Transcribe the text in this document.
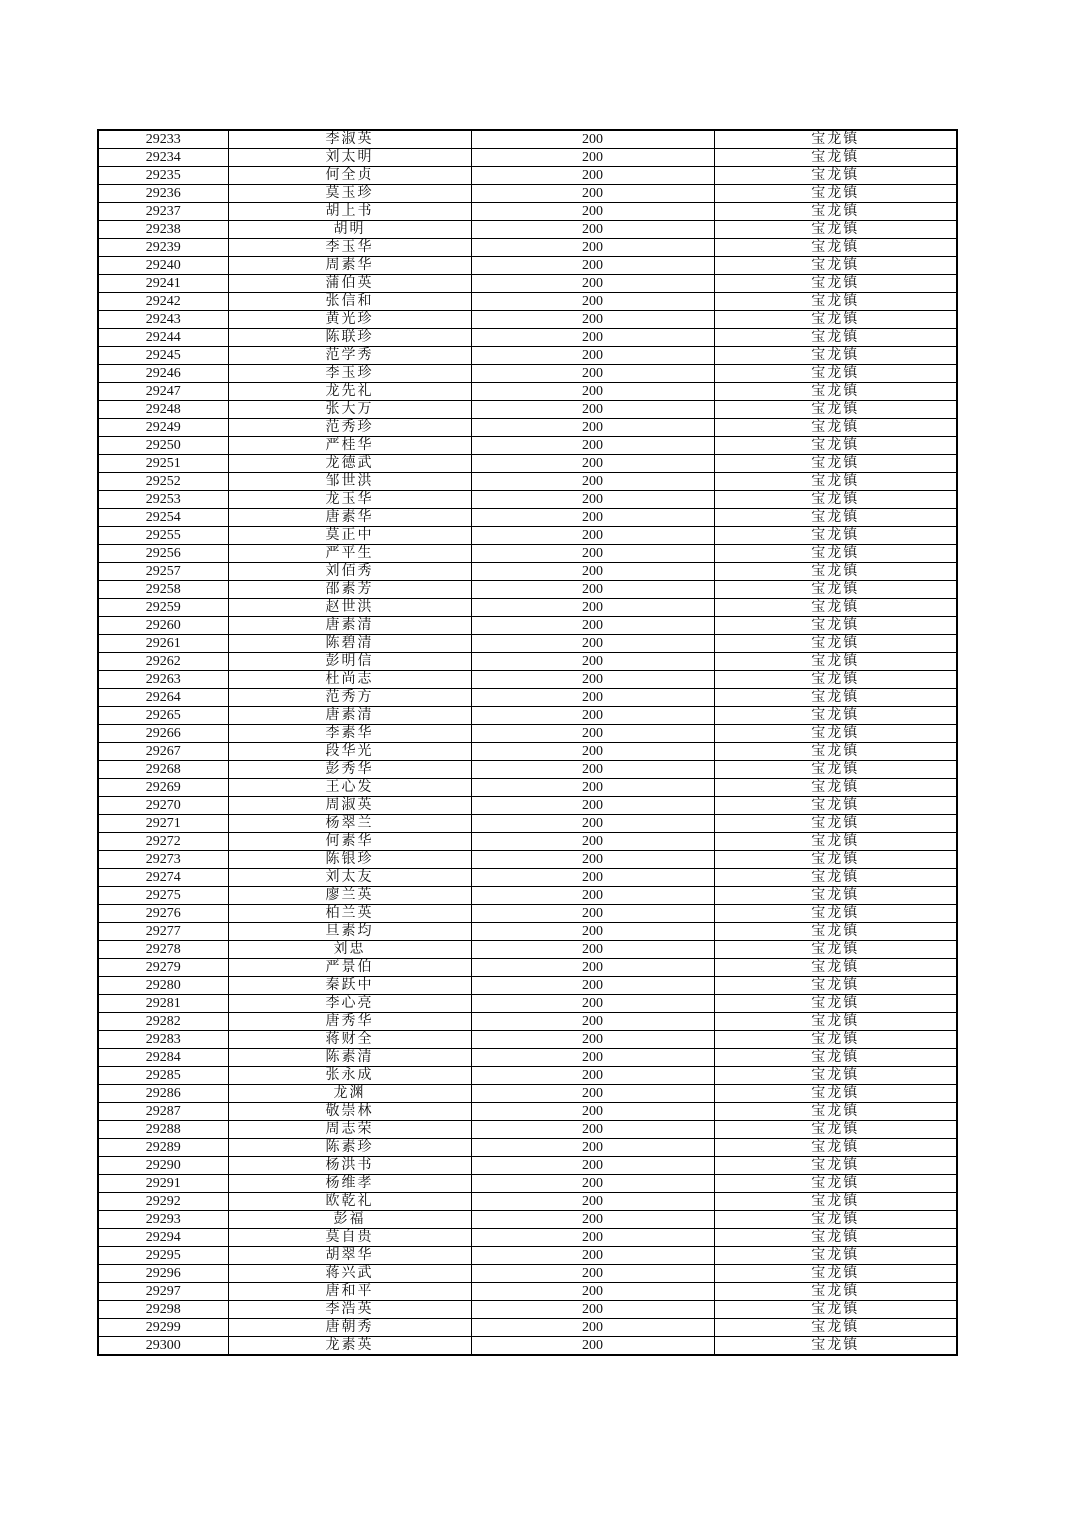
29233	李淑英	200	宝龙镇
29234	刘太明	200	宝龙镇
29235	何全贞	200	宝龙镇
29236	莫玉珍	200	宝龙镇
29237	胡上书	200	宝龙镇
29238	胡明	200	宝龙镇
29239	李玉华	200	宝龙镇
29240	周素华	200	宝龙镇
29241	蒲伯英	200	宝龙镇
29242	张信和	200	宝龙镇
29243	黄光珍	200	宝龙镇
29244	陈联珍	200	宝龙镇
29245	范学秀	200	宝龙镇
29246	李玉珍	200	宝龙镇
29247	龙先礼	200	宝龙镇
29248	张大万	200	宝龙镇
29249	范秀珍	200	宝龙镇
29250	严桂华	200	宝龙镇
29251	龙德武	200	宝龙镇
29252	邹世洪	200	宝龙镇
29253	龙玉华	200	宝龙镇
29254	唐素华	200	宝龙镇
29255	莫正中	200	宝龙镇
29256	严平生	200	宝龙镇
29257	刘佰秀	200	宝龙镇
29258	邵素芳	200	宝龙镇
29259	赵世洪	200	宝龙镇
29260	唐素清	200	宝龙镇
29261	陈碧清	200	宝龙镇
29262	彭明信	200	宝龙镇
29263	杜尚志	200	宝龙镇
29264	范秀方	200	宝龙镇
29265	唐素清	200	宝龙镇
29266	李素华	200	宝龙镇
29267	段华光	200	宝龙镇
29268	彭秀华	200	宝龙镇
29269	王心发	200	宝龙镇
29270	周淑英	200	宝龙镇
29271	杨翠兰	200	宝龙镇
29272	何素华	200	宝龙镇
29273	陈银珍	200	宝龙镇
29274	刘太友	200	宝龙镇
29275	廖兰英	200	宝龙镇
29276	柏兰英	200	宝龙镇
29277	旦素均	200	宝龙镇
29278	刘忠	200	宝龙镇
29279	严景伯	200	宝龙镇
29280	秦跃中	200	宝龙镇
29281	李心亮	200	宝龙镇
29282	唐秀华	200	宝龙镇
29283	蒋财全	200	宝龙镇
29284	陈素清	200	宝龙镇
29285	张永成	200	宝龙镇
29286	龙渊	200	宝龙镇
29287	敬崇林	200	宝龙镇
29288	周志荣	200	宝龙镇
29289	陈素珍	200	宝龙镇
29290	杨洪书	200	宝龙镇
29291	杨维孝	200	宝龙镇
29292	欧乾礼	200	宝龙镇
29293	彭福	200	宝龙镇
29294	莫自贵	200	宝龙镇
29295	胡翠华	200	宝龙镇
29296	蒋兴武	200	宝龙镇
29297	唐和平	200	宝龙镇
29298	李浩英	200	宝龙镇
29299	唐朝秀	200	宝龙镇
29300	龙素英	200	宝龙镇
